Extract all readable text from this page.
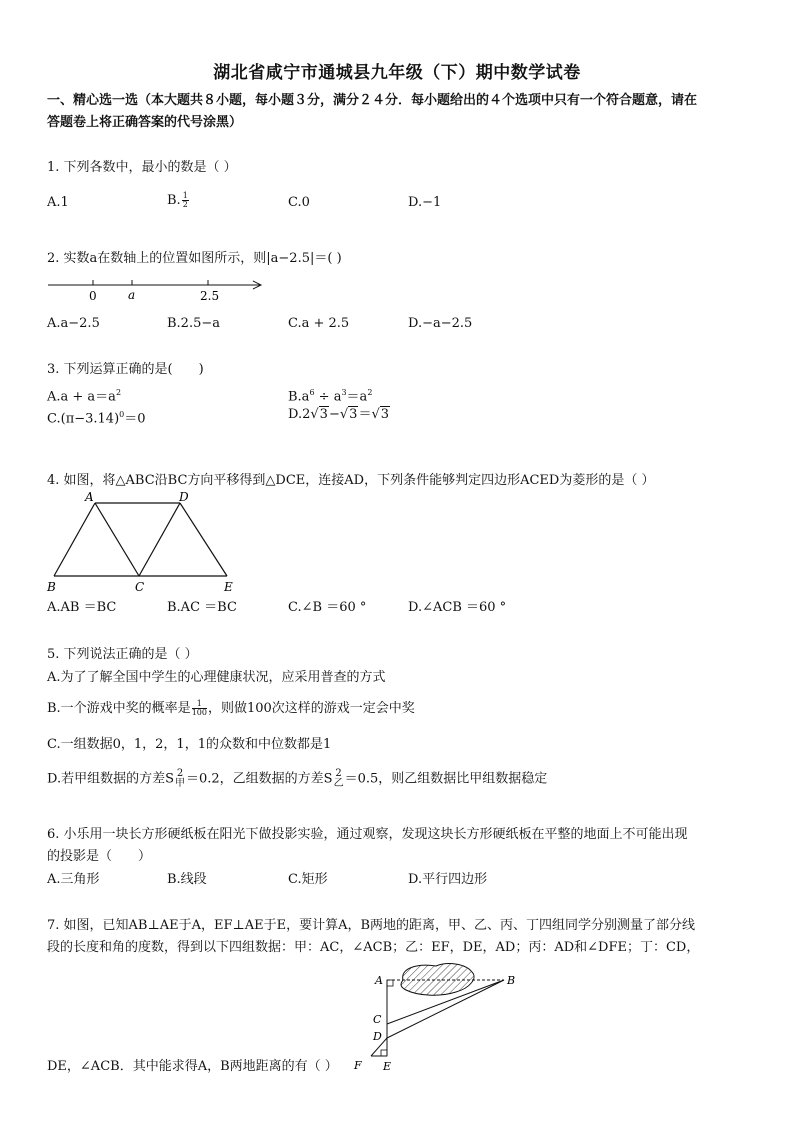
湖北省咸宁市通城县九年级（下）期中数学试卷
一、精心选一选（本大题共８小题，每小题３分，满分２４分．每小题给出的４个选项中只有一个符合题意，请在
答题卷上将正确答案的代号涂黑）
1. 下列各数中，最小的数是（ ）
A.1	B. $\frac{1}{2}$	C.0	D.−1
2. 实数a在数轴上的位置如图所示，则|a−2.5|＝( )
0	a	2.5
A.a−2.5	B.2.5−a	C.a + 2.5	D.−a−2.5
3. 下列运算正确的是(　　)
$A.a + a=a^2$	$B.a^6 \div a^3=a^2$
$C.(\pi-3.14)^0=0$	D.2√3−√3＝√3
4. 如图，将△ABC沿BC方向平移得到△DCE，连接AD，下列条件能够判定四边形ACED为菱形的是（ ）
A	D
B	C	E
A.AB ＝BC	B.AC ＝BC	C.∠B ＝60 °	D.∠ACB ＝60 °
5. 下列说法正确的是（ ）
A.为了了解全国中学生的心理健康状况，应采用普查的方式
B.一个游戏中奖的概率是 $\frac{1}{100}$ ，则做100次这样的游戏一定会中奖
C.一组数据0，1，2，1，1的众数和中位数都是1
D.若甲组数据的方差S 2
甲 ＝0.2，乙组数据的方差S 2
乙 ＝0.5，则乙组数据比甲组数据稳定
6. 小乐用一块长方形硬纸板在阳光下做投影实验，通过观察，发现这块长方形硬纸板在平整的地面上不可能出现
的投影是（　　）
A.三角形	B.线段	C.矩形	D.平行四边形
7. 如图，已知AB⊥AE于A，EF⊥AE于E，要计算A，B两地的距离，甲、乙、丙、丁四组同学分别测量了部分线
段的长度和角的度数，得到以下四组数据：甲：AC，∠ACB；乙：EF，DE，AD；丙：AD和∠DFE；丁：CD，
A	B
C
D
E
F
DE，∠ACB．其中能求得A，B两地距离的有（ ）
